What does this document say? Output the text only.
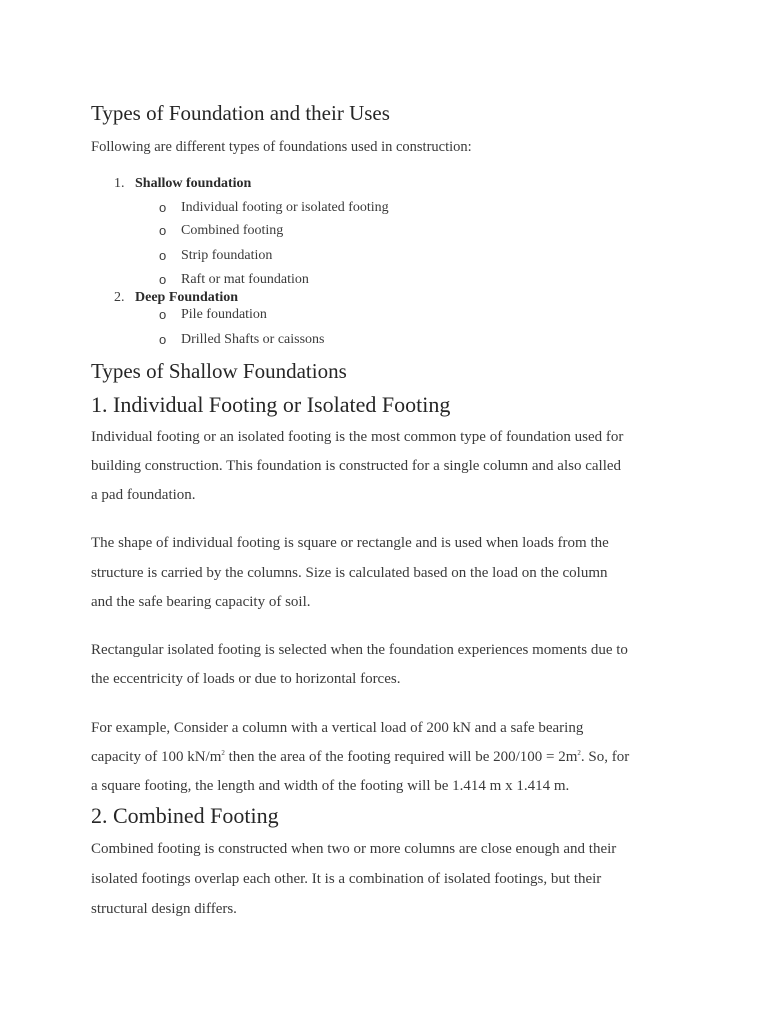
Types of Foundation and their Uses
Following are different types of foundations used in construction:
1. Shallow foundation
o Individual footing or isolated footing
o Combined footing
o Strip foundation
o Raft or mat foundation
2. Deep Foundation
o Pile foundation
o Drilled Shafts or caissons
Types of Shallow Foundations
1. Individual Footing or Isolated Footing
Individual footing or an isolated footing is the most common type of foundation used for
building construction. This foundation is constructed for a single column and also called
a pad foundation.
The shape of individual footing is square or rectangle and is used when loads from the
structure is carried by the columns. Size is calculated based on the load on the column
and the safe bearing capacity of soil.
Rectangular isolated footing is selected when the foundation experiences moments due to
the eccentricity of loads or due to horizontal forces.
For example, Consider a column with a vertical load of 200 kN and a safe bearing
capacity of 100 $kN/m^2$ then the area of the footing required will be $200/100 = 2m^2$. So, for
a square footing, the length and width of the footing will be 1.414 m x 1.414 m.
2. Combined Footing
Combined footing is constructed when two or more columns are close enough and their
isolated footings overlap each other. It is a combination of isolated footings, but their
structural design differs.
